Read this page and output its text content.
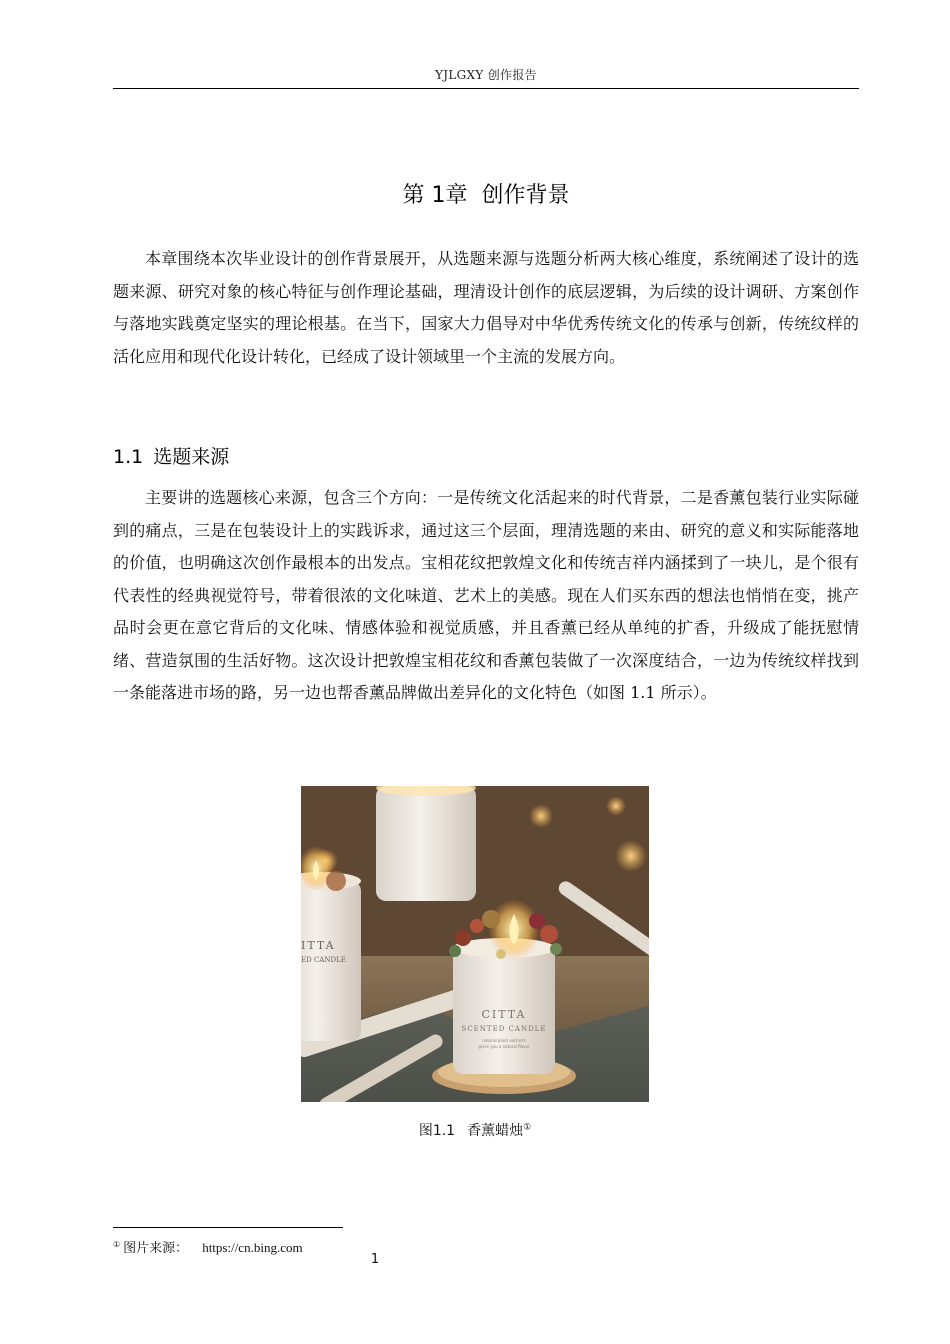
YJLGXY 创作报告
第 1章 创作背景

本章围绕本次毕业设计的创作背景展开，从选题来源与选题分析两大核心维度，系统阐述了设计的选题来源、研究对象的核心特征与创作理论基础，理清设计创作的底层逻辑，为后续的设计调研、方案创作与落地实践奠定坚实的理论根基。在当下，国家大力倡导对中华优秀传统文化的传承与创新，传统纹样的活化应用和现代化设计转化，已经成了设计领域里一个主流的发展方向。

1.1 选题来源

主要讲的选题核心来源，包含三个方向：一是传统文化活起来的时代背景，二是香薰包装行业实际碰到的痛点，三是在包装设计上的实践诉求，通过这三个层面，理清选题的来由、研究的意义和实际能落地的价值，也明确这次创作最根本的出发点。宝相花纹把敦煌文化和传统吉祥内涵揉到了一块儿，是个很有代表性的经典视觉符号，带着很浓的文化味道、艺术上的美感。现在人们买东西的想法也悄悄在变，挑产品时会更在意它背后的文化味、情感体验和视觉质感，并且香薰已经从单纯的扩香，升级成了能抚慰情绪、营造氛围的生活好物。这次设计把敦煌宝相花纹和香薰包装做了一次深度结合，一边为传统纹样找到一条能落进市场的路，另一边也帮香薰品牌做出差异化的文化特色（如图 1.1 所示）。

ITTA
ED CANDLE
CITTA
SCENTED CANDLE
natural plant extracts
gives you a natural flavor
图1.1 香薰蜡烛①
① 图片来源： https://cn.bing.com
1
